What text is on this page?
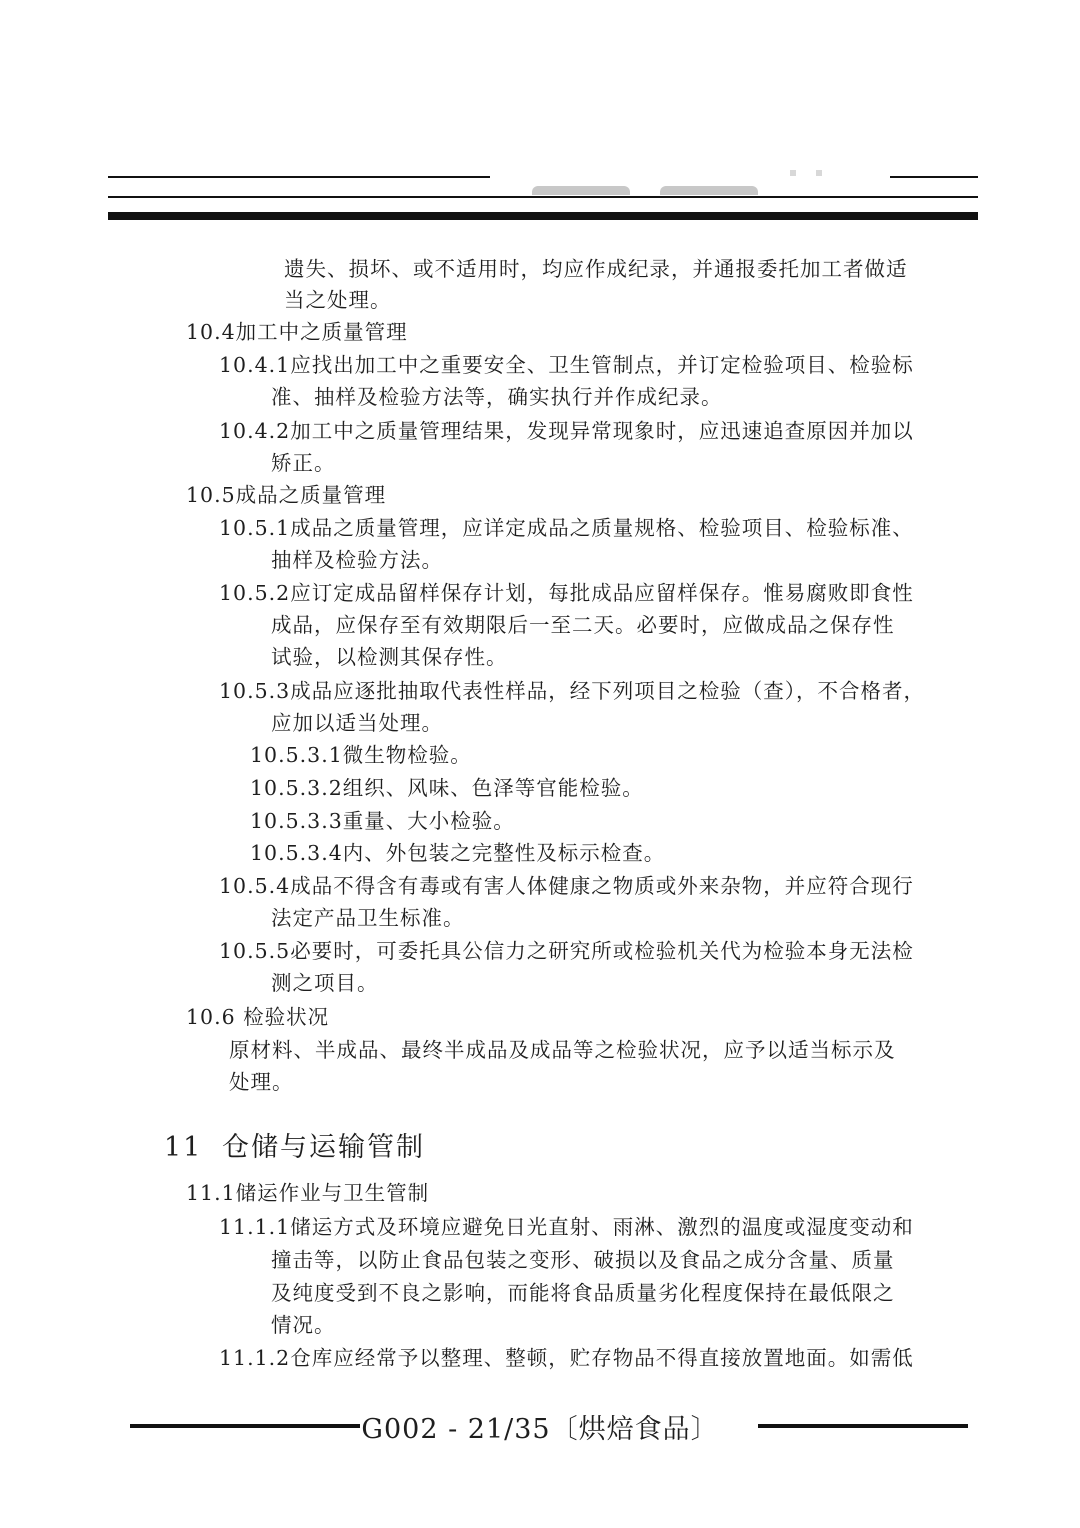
遗失、损坏、或不适用时，均应作成纪录，并通报委托加工者做适
当之处理。
10.4加工中之质量管理
10.4.1应找出加工中之重要安全、卫生管制点，并订定检验项目、检验标
准、抽样及检验方法等，确实执行并作成纪录。
10.4.2加工中之质量管理结果，发现异常现象时，应迅速追查原因并加以
矫正。
10.5成品之质量管理
10.5.1成品之质量管理，应详定成品之质量规格、检验项目、检验标准、
抽样及检验方法。
10.5.2应订定成品留样保存计划，每批成品应留样保存。惟易腐败即食性
成品，应保存至有效期限后一至二天。必要时，应做成品之保存性
试验，以检测其保存性。
10.5.3成品应逐批抽取代表性样品，经下列项目之检验（查），不合格者，
应加以适当处理。
10.5.3.1微生物检验。
10.5.3.2组织、风味、色泽等官能检验。
10.5.3.3重量、大小检验。
10.5.3.4内、外包装之完整性及标示检查。
10.5.4成品不得含有毒或有害人体健康之物质或外来杂物，并应符合现行
法定产品卫生标准。
10.5.5必要时，可委托具公信力之研究所或检验机关代为检验本身无法检
测之项目。
10.6 检验状况
原材料、半成品、最终半成品及成品等之检验状况，应予以适当标示及
处理。
11 仓储与运输管制
11.1储运作业与卫生管制
11.1.1储运方式及环境应避免日光直射、雨淋、激烈的温度或湿度变动和
撞击等，以防止食品包装之变形、破损以及食品之成分含量、质量
及纯度受到不良之影响，而能将食品质量劣化程度保持在最低限之
情况。
11.1.2仓库应经常予以整理、整顿，贮存物品不得直接放置地面。如需低
G002 - 21/35〔烘焙食品〕
